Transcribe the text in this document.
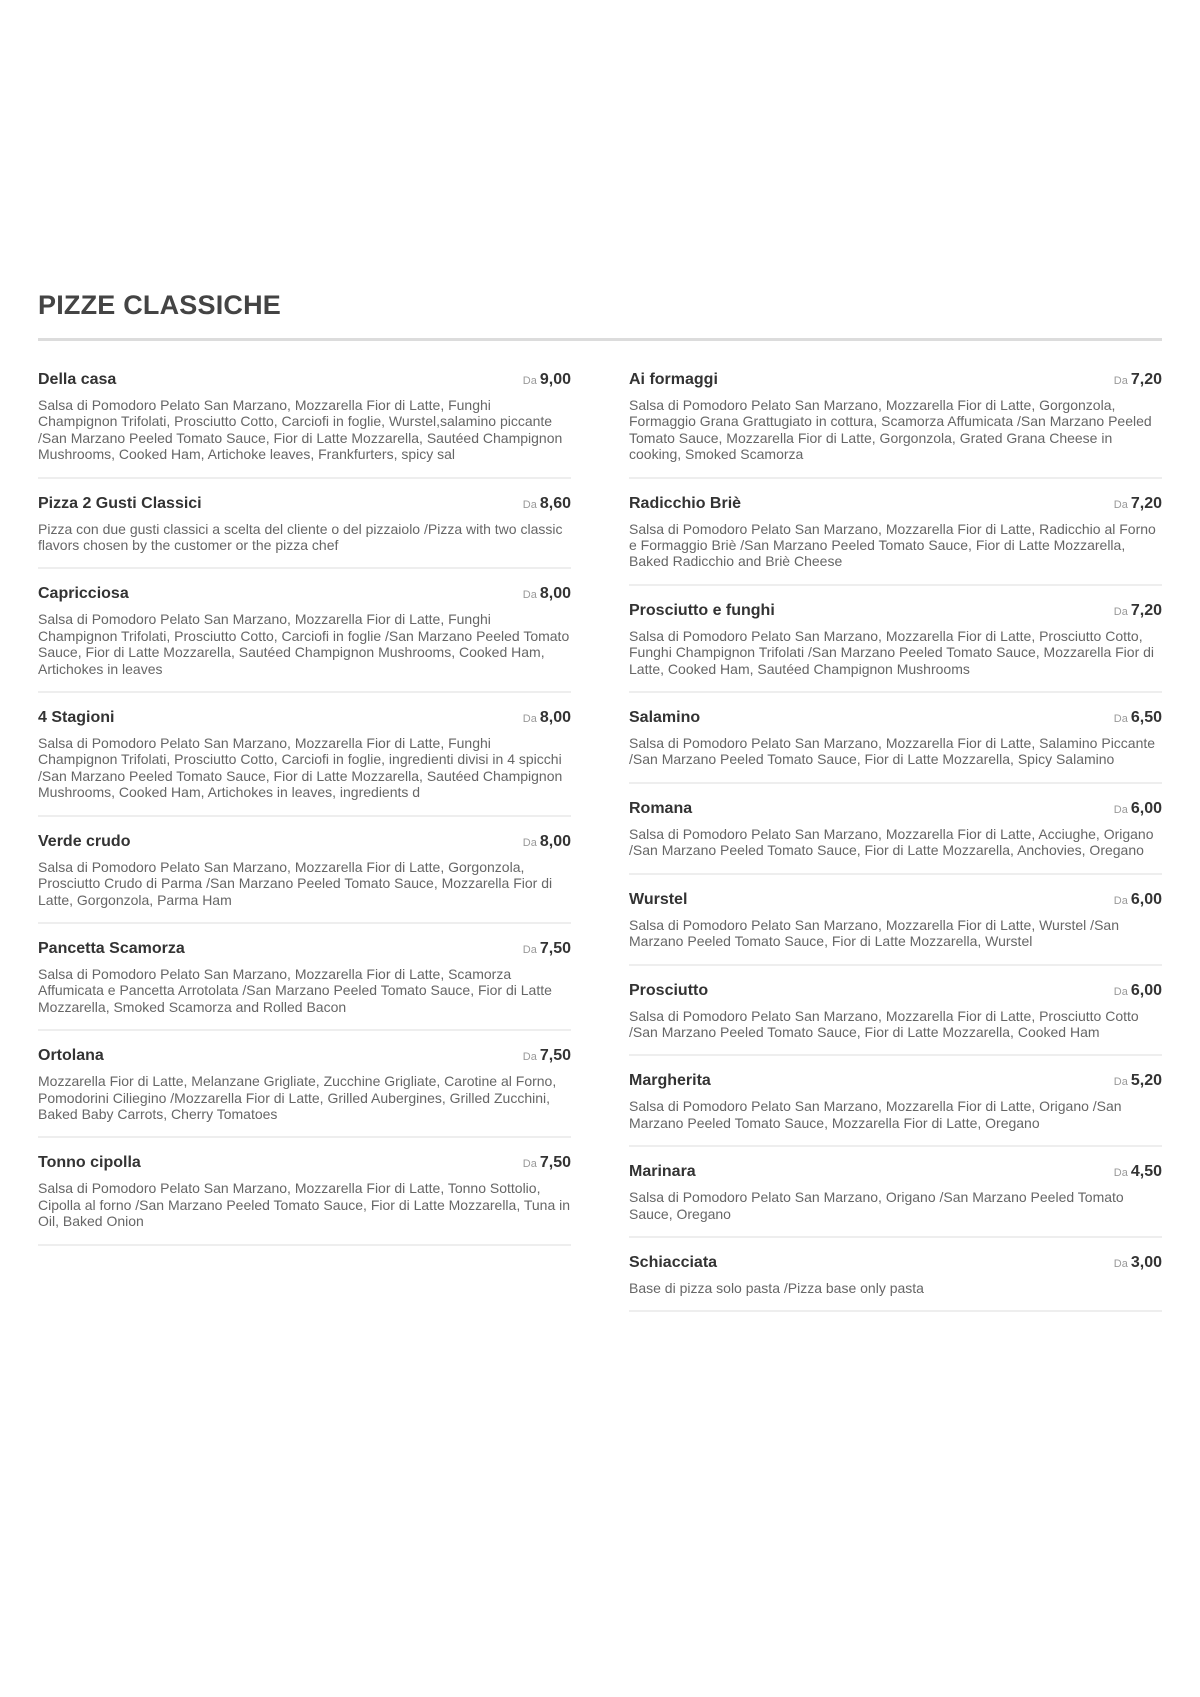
PIZZE CLASSICHE
Della casa	Da 9,00
Salsa di Pomodoro Pelato San Marzano, Mozzarella Fior di Latte, Funghi Champignon Trifolati, Prosciutto Cotto, Carciofi in foglie, Wurstel,salamino piccante /San Marzano Peeled Tomato Sauce, Fior di Latte Mozzarella, Sautéed Champignon Mushrooms, Cooked Ham, Artichoke leaves, Frankfurters, spicy sal
Pizza 2 Gusti Classici	Da 8,60
Pizza con due gusti classici a scelta del cliente o del pizzaiolo /Pizza with two classic flavors chosen by the customer or the pizza chef
Capricciosa	Da 8,00
Salsa di Pomodoro Pelato San Marzano, Mozzarella Fior di Latte, Funghi Champignon Trifolati, Prosciutto Cotto, Carciofi in foglie /San Marzano Peeled Tomato Sauce, Fior di Latte Mozzarella, Sautéed Champignon Mushrooms, Cooked Ham, Artichokes in leaves
4 Stagioni	Da 8,00
Salsa di Pomodoro Pelato San Marzano, Mozzarella Fior di Latte, Funghi Champignon Trifolati, Prosciutto Cotto, Carciofi in foglie, ingredienti divisi in 4 spicchi /San Marzano Peeled Tomato Sauce, Fior di Latte Mozzarella, Sautéed Champignon Mushrooms, Cooked Ham, Artichokes in leaves, ingredients d
Verde crudo	Da 8,00
Salsa di Pomodoro Pelato San Marzano, Mozzarella Fior di Latte, Gorgonzola, Prosciutto Crudo di Parma /San Marzano Peeled Tomato Sauce, Mozzarella Fior di Latte, Gorgonzola, Parma Ham
Pancetta Scamorza	Da 7,50
Salsa di Pomodoro Pelato San Marzano, Mozzarella Fior di Latte, Scamorza Affumicata e Pancetta Arrotolata /San Marzano Peeled Tomato Sauce, Fior di Latte Mozzarella, Smoked Scamorza and Rolled Bacon
Ortolana	Da 7,50
Mozzarella Fior di Latte, Melanzane Grigliate, Zucchine Grigliate, Carotine al Forno, Pomodorini Ciliegino /Mozzarella Fior di Latte, Grilled Aubergines, Grilled Zucchini, Baked Baby Carrots, Cherry Tomatoes
Tonno cipolla	Da 7,50
Salsa di Pomodoro Pelato San Marzano, Mozzarella Fior di Latte, Tonno Sottolio, Cipolla al forno /San Marzano Peeled Tomato Sauce, Fior di Latte Mozzarella, Tuna in Oil, Baked Onion
Ai formaggi	Da 7,20
Salsa di Pomodoro Pelato San Marzano, Mozzarella Fior di Latte, Gorgonzola, Formaggio Grana Grattugiato in cottura, Scamorza Affumicata /San Marzano Peeled Tomato Sauce, Mozzarella Fior di Latte, Gorgonzola, Grated Grana Cheese in cooking, Smoked Scamorza
Radicchio Briè	Da 7,20
Salsa di Pomodoro Pelato San Marzano, Mozzarella Fior di Latte, Radicchio al Forno e Formaggio Briè /San Marzano Peeled Tomato Sauce, Fior di Latte Mozzarella, Baked Radicchio and Briè Cheese
Prosciutto e funghi	Da 7,20
Salsa di Pomodoro Pelato San Marzano, Mozzarella Fior di Latte, Prosciutto Cotto, Funghi Champignon Trifolati /San Marzano Peeled Tomato Sauce, Mozzarella Fior di Latte, Cooked Ham, Sautéed Champignon Mushrooms
Salamino	Da 6,50
Salsa di Pomodoro Pelato San Marzano, Mozzarella Fior di Latte, Salamino Piccante /San Marzano Peeled Tomato Sauce, Fior di Latte Mozzarella, Spicy Salamino
Romana	Da 6,00
Salsa di Pomodoro Pelato San Marzano, Mozzarella Fior di Latte, Acciughe, Origano /San Marzano Peeled Tomato Sauce, Fior di Latte Mozzarella, Anchovies, Oregano
Wurstel	Da 6,00
Salsa di Pomodoro Pelato San Marzano, Mozzarella Fior di Latte, Wurstel /San Marzano Peeled Tomato Sauce, Fior di Latte Mozzarella, Wurstel
Prosciutto	Da 6,00
Salsa di Pomodoro Pelato San Marzano, Mozzarella Fior di Latte, Prosciutto Cotto /San Marzano Peeled Tomato Sauce, Fior di Latte Mozzarella, Cooked Ham
Margherita	Da 5,20
Salsa di Pomodoro Pelato San Marzano, Mozzarella Fior di Latte, Origano /San Marzano Peeled Tomato Sauce, Mozzarella Fior di Latte, Oregano
Marinara	Da 4,50
Salsa di Pomodoro Pelato San Marzano, Origano /San Marzano Peeled Tomato Sauce, Oregano
Schiacciata	Da 3,00
Base di pizza solo pasta /Pizza base only pasta
